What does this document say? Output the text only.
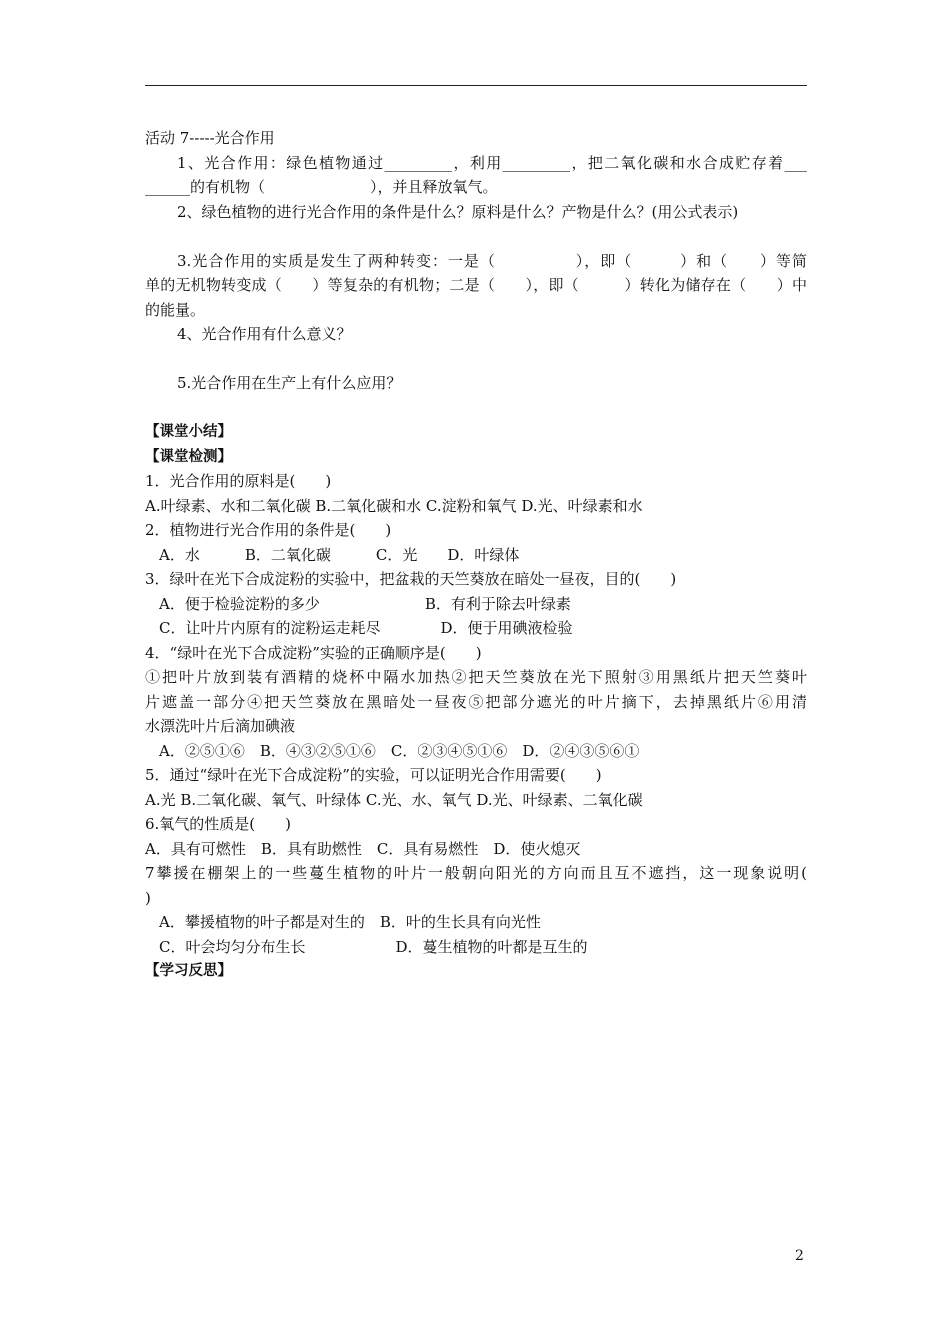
活动 7-----光合作用
1、光合作用：绿色植物通过_________，利用_________，把二氧化碳和水合成贮存着___
______的有机物（　　　　　　　），并且释放氧气。
2、绿色植物的进行光合作用的条件是什么？原料是什么？产物是什么？(用公式表示)
3.光合作用的实质是发生了两种转变：一是（　　　　　），即（　　　）和（　　）等简
单的无机物转变成（　　）等复杂的有机物；二是（　　），即（　　　）转化为储存在（　　）中
的能量。
4、光合作用有什么意义？
5.光合作用在生产上有什么应用？
【课堂小结】
【课堂检测】
1．光合作用的原料是(　　)
A.叶绿素、水和二氧化碳 B.二氧化碳和水 C.淀粉和氧气 D.光、叶绿素和水
2．植物进行光合作用的条件是(　　)
A．水　　　B．二氧化碳　　　C．光　　D．叶绿体
3．绿叶在光下合成淀粉的实验中，把盆栽的天竺葵放在暗处一昼夜，目的(　　)
A．便于检验淀粉的多少　　　　　　　B．有利于除去叶绿素
C．让叶片内原有的淀粉运走耗尽　　　　D．便于用碘液检验
4．“绿叶在光下合成淀粉”实验的正确顺序是(　　)
①把叶片放到装有酒精的烧杯中隔水加热②把天竺葵放在光下照射③用黑纸片把天竺葵叶
片遮盖一部分④把天竺葵放在黑暗处一昼夜⑤把部分遮光的叶片摘下，去掉黑纸片⑥用清
水漂洗叶片后滴加碘液
A．②⑤①⑥　B．④③②⑤①⑥　C．②③④⑤①⑥　D．②④③⑤⑥①
5．通过“绿叶在光下合成淀粉”的实验，可以证明光合作用需要(　　)
A.光 B.二氧化碳、氧气、叶绿体 C.光、水、氧气 D.光、叶绿素、二氧化碳
6.氧气的性质是(　　)
A．具有可燃性　B．具有助燃性　C．具有易燃性　D．使火熄灭
7攀援在棚架上的一些蔓生植物的叶片一般朝向阳光的方向而且互不遮挡，这一现象说明(
)
A．攀援植物的叶子都是对生的　B．叶的生长具有向光性
C．叶会均匀分布生长　　　　　　D．蔓生植物的叶都是互生的
【学习反思】
2
